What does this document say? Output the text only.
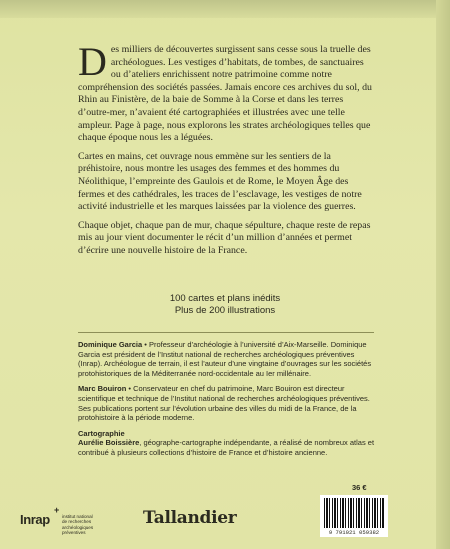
Des milliers de découvertes surgissent sans cesse sous la truelle des archéologues. Les vestiges d’habitats, de tombes, de sanctuaires ou d’ateliers enrichissent notre patrimoine comme notre compréhension des sociétés passées. Jamais encore ces archives du sol, du Rhin au Finistère, de la baie de Somme à la Corse et dans les terres d’outre-mer, n’avaient été cartographiées et illustrées avec une telle ampleur. Page à page, nous explorons les strates archéologiques telles que chaque époque nous les a léguées.

Cartes en mains, cet ouvrage nous emmène sur les sentiers de la préhistoire, nous montre les usages des femmes et des hommes du Néolithique, l’empreinte des Gaulois et de Rome, le Moyen Âge des fermes et des cathédrales, les traces de l’esclavage, les vestiges de notre activité industrielle et les marques laissées par la violence des guerres.

Chaque objet, chaque pan de mur, chaque sépulture, chaque reste de repas mis au jour vient documenter le récit d’un million d’années et permet d’écrire une nouvelle histoire de la France.

100 cartes et plans inédits
Plus de 200 illustrations

Dominique Garcia • Professeur d’archéologie à l’université d’Aix-Marseille. Dominique Garcia est président de l’Institut national de recherches archéologiques préventives (Inrap). Archéologue de terrain, il est l’auteur d’une vingtaine d’ouvrages sur les sociétés protohistoriques de la Méditerranée nord-occidentale au Ier millénaire.

Marc Bouiron • Conservateur en chef du patrimoine, Marc Bouiron est directeur scientifique et technique de l’Institut national de recherches archéologiques préventives. Ses publications portent sur l’évolution urbaine des villes du midi de la France, de la protohistoire à la période moderne.

Cartographie
Aurélie Boissière, géographe-cartographe indépendante, a réalisé de nombreux atlas et contribué à plusieurs collections d’histoire de France et d’histoire ancienne.

36 €
9 791021 059382
Inrap
+
institut national
de recherches
archéologiques
préventives
Tallandier
